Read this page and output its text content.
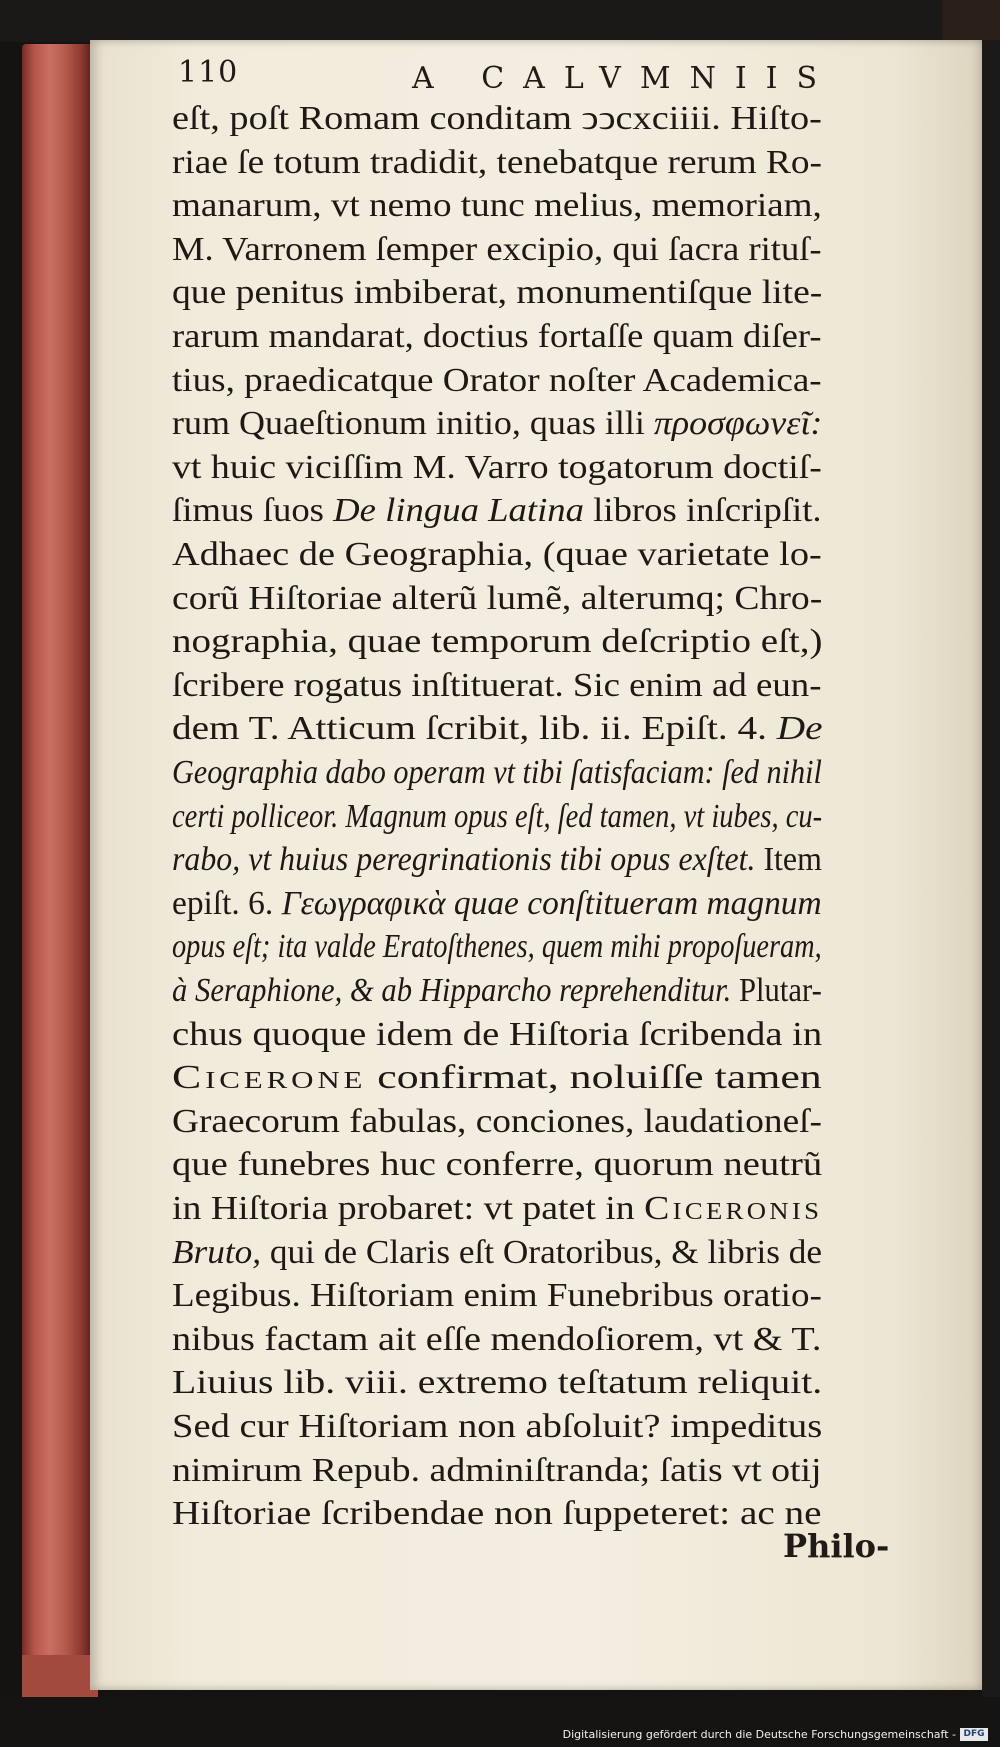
110	A CALVMNIIS
eſt, poſt Romam conditam ↄↄcxciiii. Hiſto-
riae ſe totum tradidit, tenebatque rerum Ro-
manarum, vt nemo tunc melius, memoriam,
M. Varronem ſemper excipio, qui ſacra rituſ-
que penitus imbiberat, monumentiſque lite-
rarum mandarat, doctius fortaſſe quam diſer-
tius, praedicatque Orator noſter Academica-
rum Quaeſtionum initio, quas illi προσφωνεῖ:
vt huic viciſſim M. Varro togatorum doctiſ-
ſimus ſuos De lingua Latina libros inſcripſit.
Adhaec de Geographia, (quae varietate lo-
corũ Hiſtoriae alterũ lumẽ, alterumq; Chro-
nographia, quae temporum deſcriptio eſt,)
ſcribere rogatus inſtituerat. Sic enim ad eun-
dem T. Atticum ſcribit, lib. ii. Epiſt. 4. De
Geographia dabo operam vt tibi ſatisfaciam: ſed nihil
certi polliceor. Magnum opus eſt, ſed tamen, vt iubes, cu-
rabo, vt huius peregrinationis tibi opus exſtet. Item
epiſt. 6. Γεωγραφικὰ quae conſtitueram magnum
opus eſt; ita valde Eratoſthenes, quem mihi propoſueram,
à Seraphione, & ab Hipparcho reprehenditur. Plutar-
chus quoque idem de Hiſtoria ſcribenda in
Cicerone confirmat, noluiſſe tamen
Graecorum fabulas, conciones, laudationeſ-
que funebres huc conferre, quorum neutrũ
in Hiſtoria probaret: vt patet in Ciceronis
Bruto, qui de Claris eſt Oratoribus, & libris de
Legibus. Hiſtoriam enim Funebribus oratio-
nibus factam ait eſſe mendoſiorem, vt & T.
Liuius lib. viii. extremo teſtatum reliquit.
Sed cur Hiſtoriam non abſoluit? impeditus
nimirum Repub. adminiſtranda; ſatis vt otij
Hiſtoriae ſcribendae non ſuppeteret: ac ne
Philo-
Digitalisierung gefördert durch die Deutsche Forschungsgemeinschaft - DFG
